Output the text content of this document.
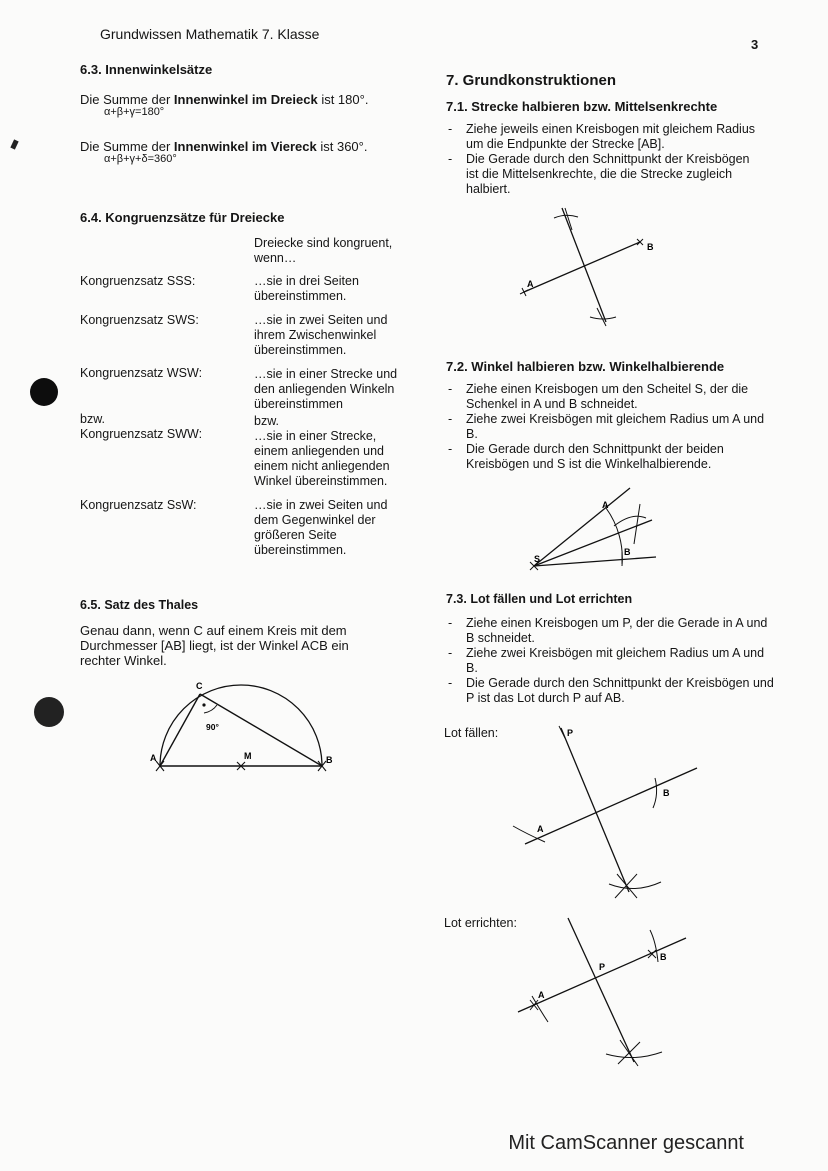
Grundwissen Mathematik 7. Klasse
3
6.3. Innenwinkelsätze
Die Summe der Innenwinkel im Dreieck ist 180°.
α+β+γ=180°
Die Summe der Innenwinkel im Viereck ist 360°.
α+β+γ+δ=360°
6.4. Kongruenzsätze für Dreiecke
Dreiecke sind kongruent, wenn…
Kongruenzsatz SSS:	…sie in drei Seiten übereinstimmen.
Kongruenzsatz SWS:	…sie in zwei Seiten und ihrem Zwischenwinkel übereinstimmen.
Kongruenzsatz WSW:	…sie in einer Strecke und den anliegenden Winkeln übereinstimmen
bzw.	bzw.
Kongruenzsatz SWW:	…sie in einer Strecke, einem anliegenden und einem nicht anliegenden Winkel übereinstimmen.
Kongruenzsatz SsW:	…sie in zwei Seiten und dem Gegenwinkel der größeren Seite übereinstimmen.
6.5. Satz des Thales
Genau dann, wenn C auf einem Kreis mit dem Durchmesser [AB] liegt, ist der Winkel ACB ein rechter Winkel.
A
C
M	B
90°
7. Grundkonstruktionen
7.1. Strecke halbieren bzw. Mittelsenkrechte
- Ziehe jeweils einen Kreisbogen mit gleichem Radius um die Endpunkte der Strecke [AB].
- Die Gerade durch den Schnittpunkt der Kreisbögen ist die Mittelsenkrechte, die die Strecke zugleich halbiert.
A
B
7.2. Winkel halbieren bzw. Winkelhalbierende
- Ziehe einen Kreisbogen um den Scheitel S, der die Schenkel in A und B schneidet.
- Ziehe zwei Kreisbögen mit gleichem Radius um A und B.
- Die Gerade durch den Schnittpunkt der beiden Kreisbögen und S ist die Winkelhalbierende.
A
B
S
7.3. Lot fällen und Lot errichten
- Ziehe einen Kreisbogen um P, der die Gerade in A und B schneidet.
- Ziehe zwei Kreisbögen mit gleichem Radius um A und B.
- Die Gerade durch den Schnittpunkt der Kreisbögen und P ist das Lot durch P auf AB.
Lot fällen:	P
A
B
Lot errichten:
A
P
B
Mit CamScanner gescannt
